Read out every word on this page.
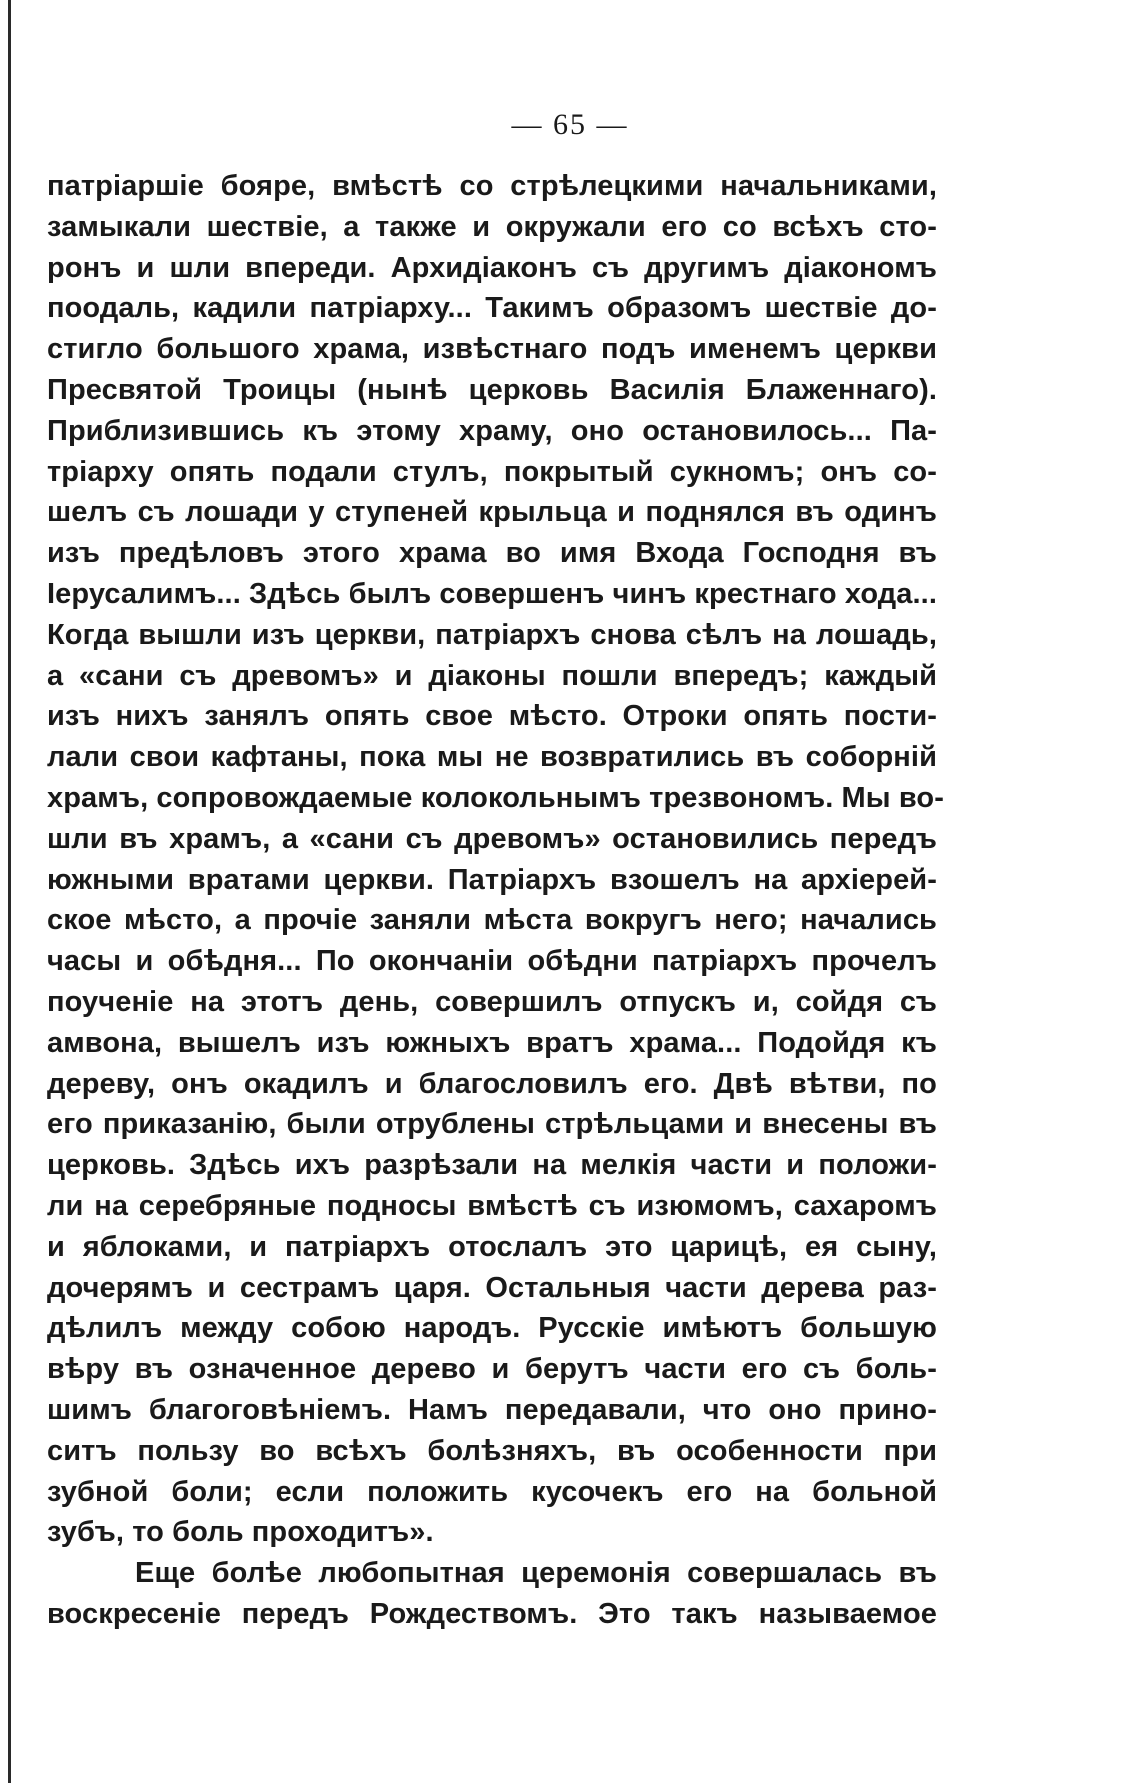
— 65 —
патріаршіе бояре, вмѣстѣ со стрѣлецкими начальниками,
замыкали шествіе, а также и окружали его со всѣхъ сто-
ронъ и шли впереди. Архидіаконъ съ другимъ діакономъ
поодаль, кадили патріарху... Такимъ образомъ шествіе до-
стигло большого храма, извѣстнаго подъ именемъ церкви
Пресвятой Троицы (нынѣ церковь Василія Блаженнаго).
Приблизившись къ этому храму, оно остановилось... Па-
тріарху опять подали стулъ, покрытый сукномъ; онъ со-
шелъ съ лошади у ступеней крыльца и поднялся въ одинъ
изъ предѣловъ этого храма во имя Входа Господня въ
Іерусалимъ... Здѣсь былъ совершенъ чинъ крестнаго хода...
Когда вышли изъ церкви, патріархъ снова сѣлъ на лошадь,
а «сани съ древомъ» и діаконы пошли впередъ; каждый
изъ нихъ занялъ опять свое мѣсто. Отроки опять пости-
лали свои кафтаны, пока мы не возвратились въ соборній
храмъ, сопровождаемые колокольнымъ трезвономъ. Мы во-
шли въ храмъ, а «сани съ древомъ» остановились передъ
южными вратами церкви. Патріархъ взошелъ на архіерей-
ское мѣсто, а прочіе заняли мѣста вокругъ него; начались
часы и обѣдня... По окончаніи обѣдни патріархъ прочелъ
поученіе на этотъ день, совершилъ отпускъ и, сойдя съ
амвона, вышелъ изъ южныхъ вратъ храма... Подойдя къ
дереву, онъ окадилъ и благословилъ его. Двѣ вѣтви, по
его приказанію, были отрублены стрѣльцами и внесены въ
церковь. Здѣсь ихъ разрѣзали на мелкія части и положи-
ли на серебряные подносы вмѣстѣ съ изюмомъ, сахаромъ
и яблоками, и патріархъ отослалъ это царицѣ, ея сыну,
дочерямъ и сестрамъ царя. Остальныя части дерева раз-
дѣлилъ между собою народъ. Русскіе имѣютъ большую
вѣру въ означенное дерево и берутъ части его съ боль-
шимъ благоговѣніемъ. Намъ передавали, что оно прино-
ситъ пользу во всѣхъ болѣзняхъ, въ особенности при
зубной боли; если положить кусочекъ его на больной
зубъ, то боль проходитъ».
Еще болѣе любопытная церемонія совершалась въ
воскресеніе передъ Рождествомъ. Это такъ называемое
